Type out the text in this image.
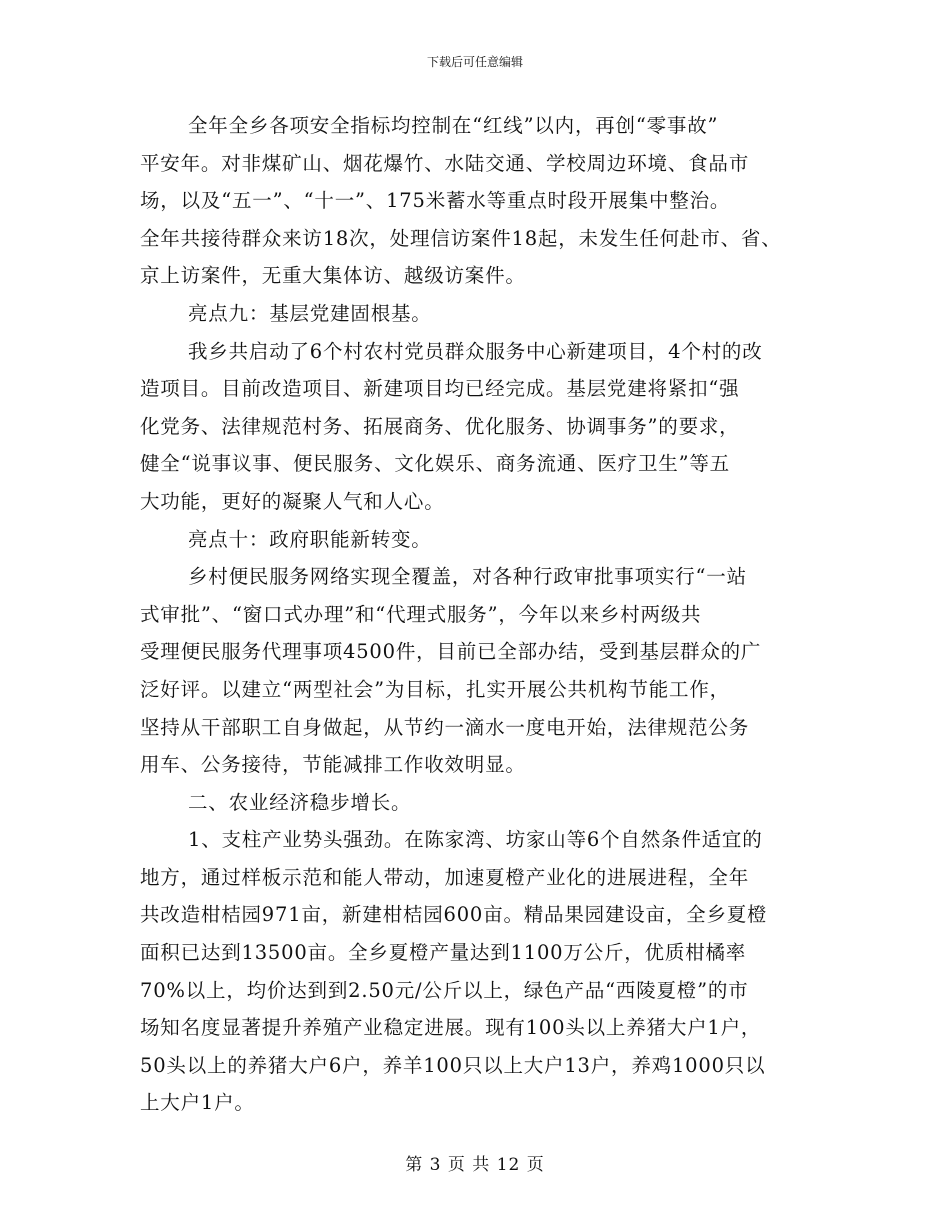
下载后可任意编辑
全年全乡各项安全指标均控制在“红线”以内，再创“零事故”
平安年。对非煤矿山、烟花爆竹、水陆交通、学校周边环境、食品市
场，以及“五一”、“十一”、175米蓄水等重点时段开展集中整治。
全年共接待群众来访18次，处理信访案件18起，未发生任何赴市、省、
京上访案件，无重大集体访、越级访案件。
亮点九：基层党建固根基。
我乡共启动了6个村农村党员群众服务中心新建项目，4个村的改
造项目。目前改造项目、新建项目均已经完成。基层党建将紧扣“强
化党务、法律规范村务、拓展商务、优化服务、协调事务”的要求，
健全“说事议事、便民服务、文化娱乐、商务流通、医疗卫生”等五
大功能，更好的凝聚人气和人心。
亮点十：政府职能新转变。
乡村便民服务网络实现全覆盖，对各种行政审批事项实行“一站
式审批”、“窗口式办理”和“代理式服务”，今年以来乡村两级共
受理便民服务代理事项4500件，目前已全部办结，受到基层群众的广
泛好评。以建立“两型社会”为目标，扎实开展公共机构节能工作，
坚持从干部职工自身做起，从节约一滴水一度电开始，法律规范公务
用车、公务接待，节能减排工作收效明显。
二、农业经济稳步增长。
1、支柱产业势头强劲。在陈家湾、坊家山等6个自然条件适宜的
地方，通过样板示范和能人带动，加速夏橙产业化的进展进程，全年
共改造柑桔园971亩，新建柑桔园600亩。精品果园建设亩，全乡夏橙
面积已达到13500亩。全乡夏橙产量达到1100万公斤，优质柑橘率
70%以上，均价达到到2.50元/公斤以上，绿色产品“西陵夏橙”的市
场知名度显著提升养殖产业稳定进展。现有100头以上养猪大户1户，
50头以上的养猪大户6户，养羊100只以上大户13户，养鸡1000只以
上大户1户。
第 3 页 共 12 页
